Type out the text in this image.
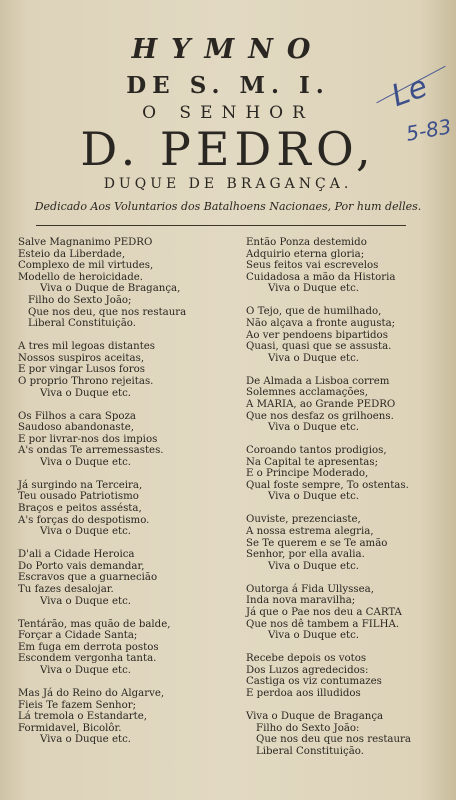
HYMNO
DE S. M. I.
O SENHOR
D. PEDRO,
DUQUE DE BRAGANÇA.
Dedicado Aos Voluntarios dos Batalhoens Nacionaes, Por hum delles.
Le
5-83
Salve Magnanimo PEDRO
Esteio da Liberdade,
Complexo de mil virtudes,
Modello de heroicidade.
Viva o Duque de Bragança,
Filho do Sexto João;
Que nos deu, que nos restaura
Liberal Constituição.
A tres mil legoas distantes
Nossos suspiros aceitas,
E por vingar Lusos foros
O proprio Throno rejeitas.
Viva o Duque etc.
Os Filhos a cara Spoza
Saudoso abandonaste,
E por livrar-nos dos impios
A's ondas Te arremessastes.
Viva o Duque etc.
Já surgindo na Terceira,
Teu ousado Patriotismo
Braços e peitos assésta,
A's forças do despotismo.
Viva o Duque etc.
D'ali a Cidade Heroica
Do Porto vais demandar,
Escravos que a guarnecião
Tu fazes desalojar.
Viva o Duque etc.
Tentárão, mas quão de balde,
Forçar a Cidade Santa;
Em fuga em derrota postos
Escondem vergonha tanta.
Viva o Duque etc.
Mas Já do Reino do Algarve,
Fieis Te fazem Senhor;
Lá tremola o Estandarte,
Formidavel, Bicolôr.
Viva o Duque etc.
Então Ponza destemido
Adquirio eterna gloria;
Seus feitos vai escrevelos
Cuidadosa a mão da Historia
Viva o Duque etc.
O Tejo, que de humilhado,
Não alçava a fronte augusta;
Ao ver pendoens bipartidos
Quasi, quasi que se assusta.
Viva o Duque etc.
De Almada a Lisboa correm
Solemnes acclamações,
A MARIA, ao Grande PEDRO
Que nos desfaz os grilhoens.
Viva o Duque etc.
Coroando tantos prodigios,
Na Capital te apresentas;
E o Principe Moderado,
Qual foste sempre, To ostentas.
Viva o Duque etc.
Ouviste, prezenciaste,
A nossa estrema alegria,
Se Te querem e se Te amão
Senhor, por ella avalia.
Viva o Duque etc.
Outorga á Fida Ullyssea,
Inda nova maravilha;
Já que o Pae nos deu a CARTA
Que nos dê tambem a FILHA.
Viva o Duque etc.
Recebe depois os votos
Dos Luzos agredecidos:
Castiga os viz contumazes
E perdoa aos illudidos
Viva o Duque de Bragança
Filho do Sexto João:
Que nos deu que nos restaura
Liberal Constituição.
